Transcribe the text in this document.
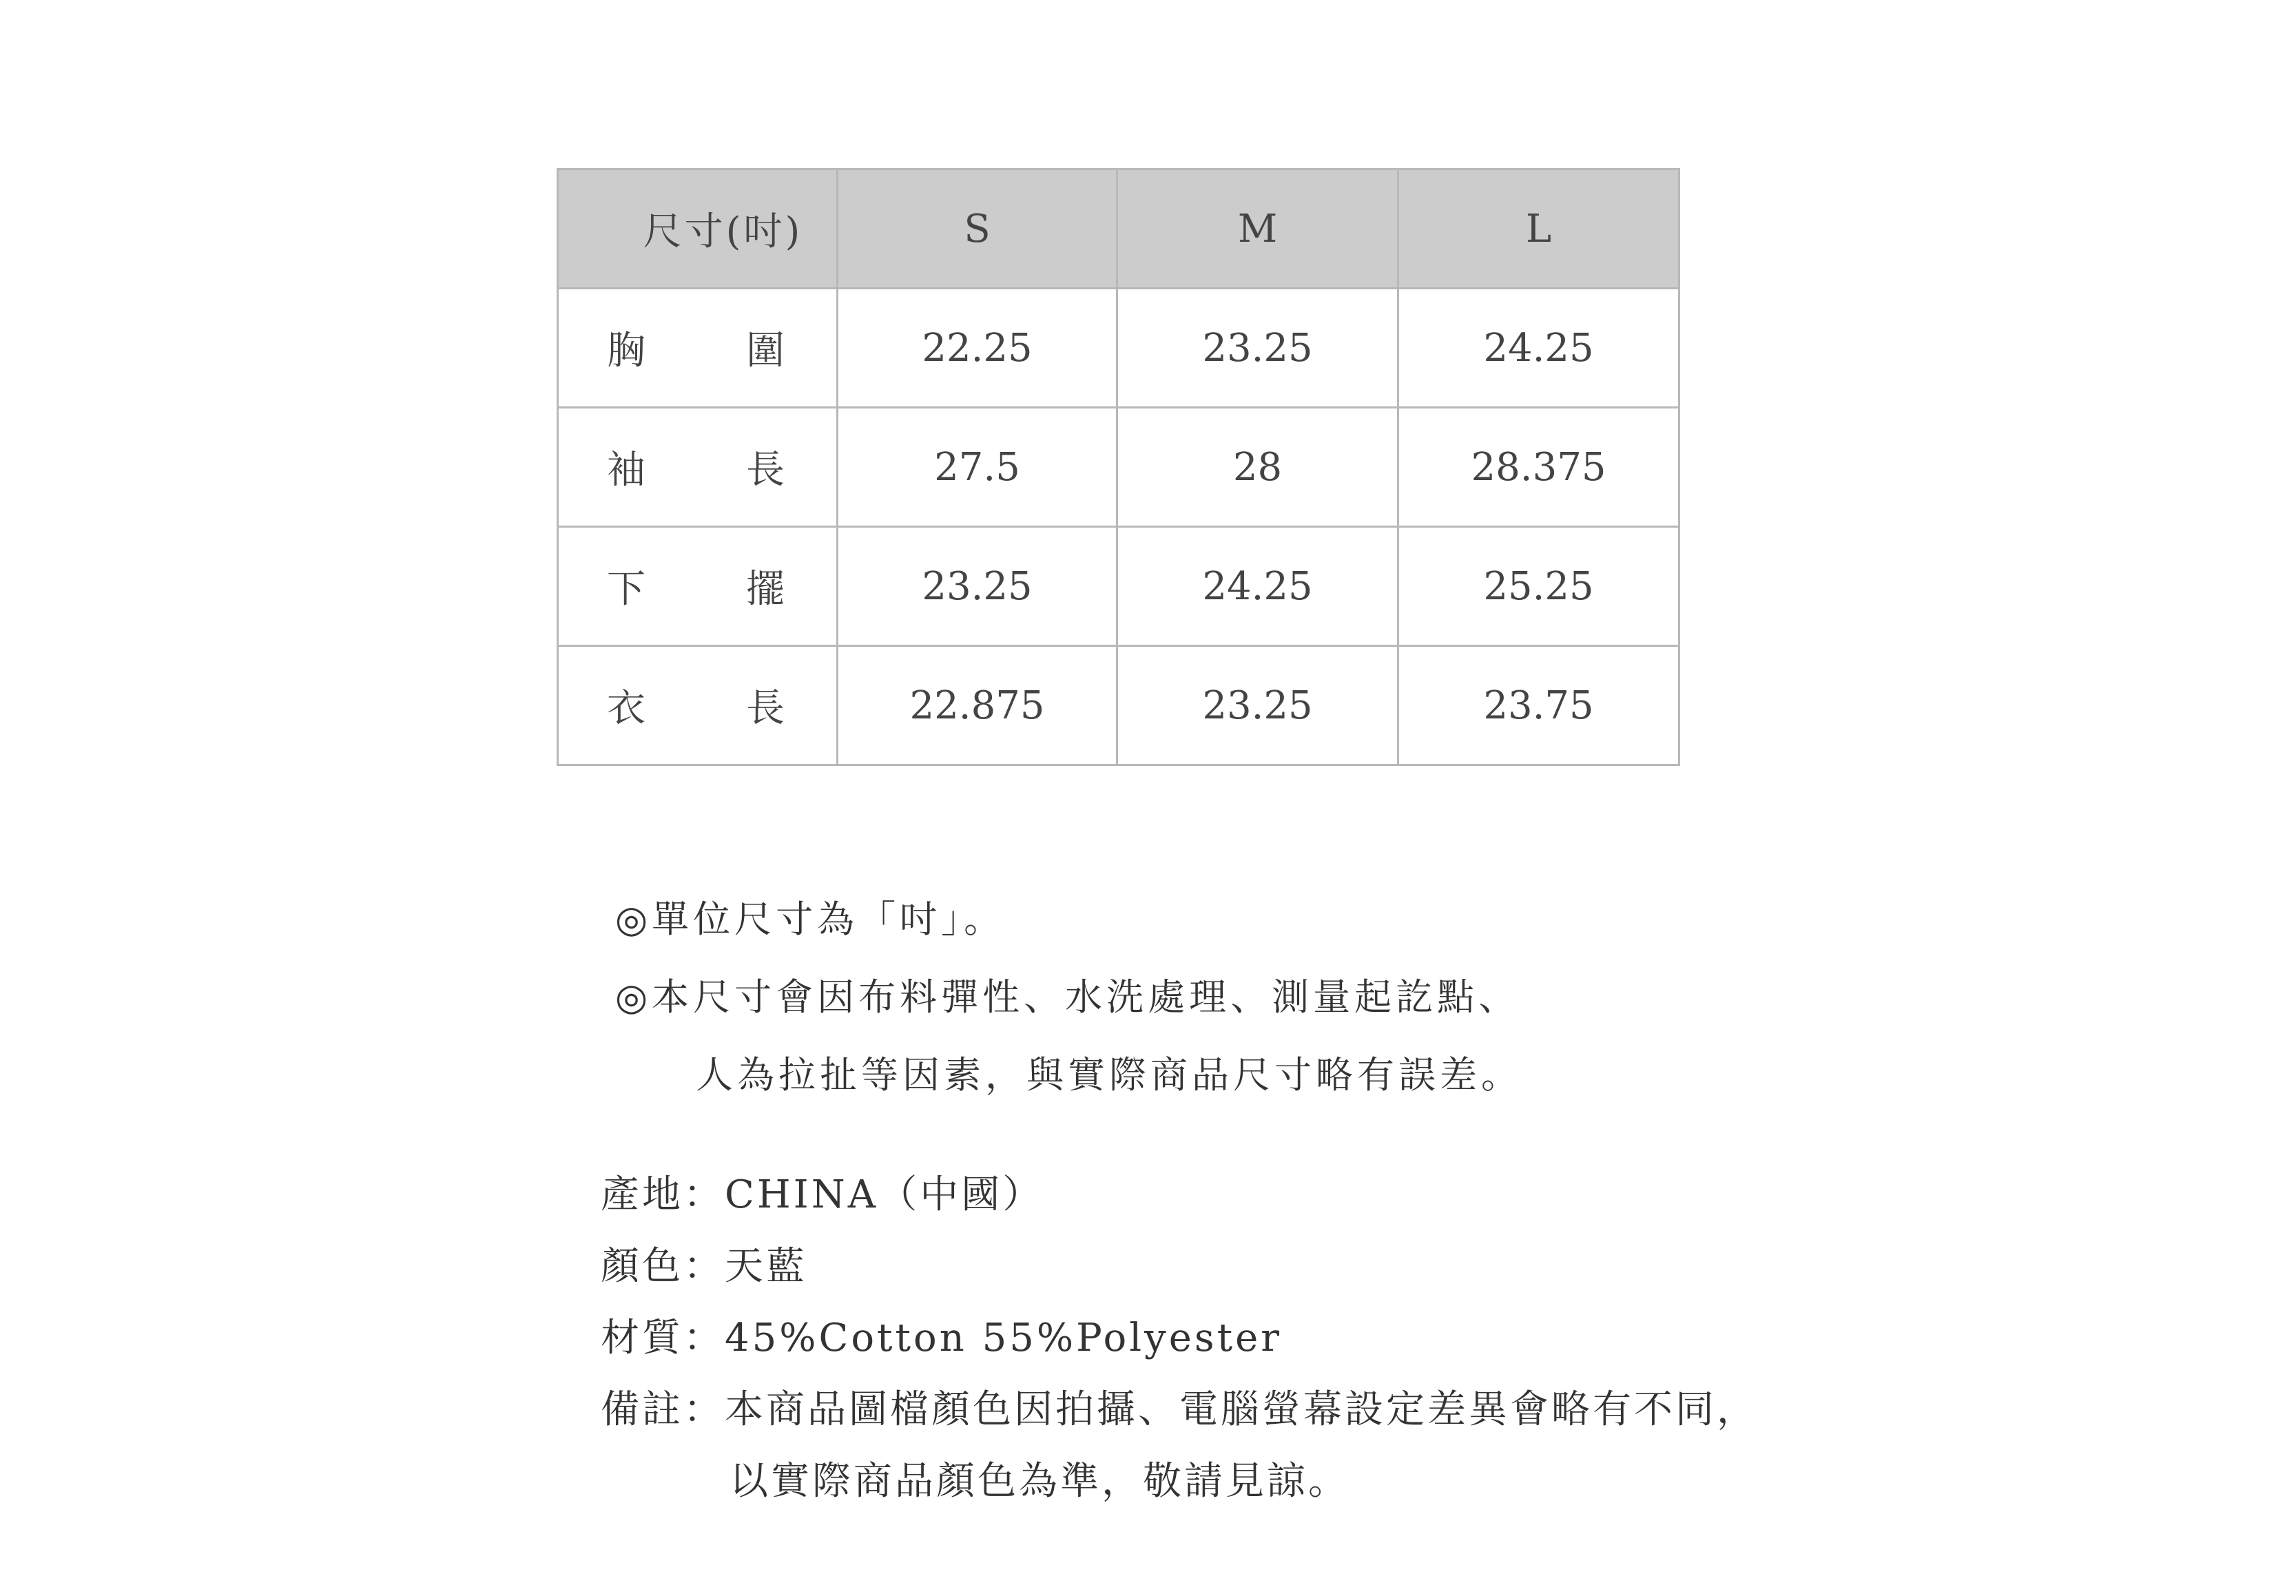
尺寸(吋)	S	M	L

胸 圍	22.25	23.25	24.25

袖 長	27.5	28	28.375

下 擺	23.25	24.25	25.25

衣 長	22.875	23.25	23.75
◎單位尺寸為「吋」。
◎本尺寸會因布料彈性、水洗處理、測量起訖點、
人為拉扯等因素，與實際商品尺寸略有誤差。
產地：CHINA（中國）
顏色：天藍
材質：45%Cotton 55%Polyester
備註：本商品圖檔顏色因拍攝、電腦螢幕設定差異會略有不同，
以實際商品顏色為準，敬請見諒。
